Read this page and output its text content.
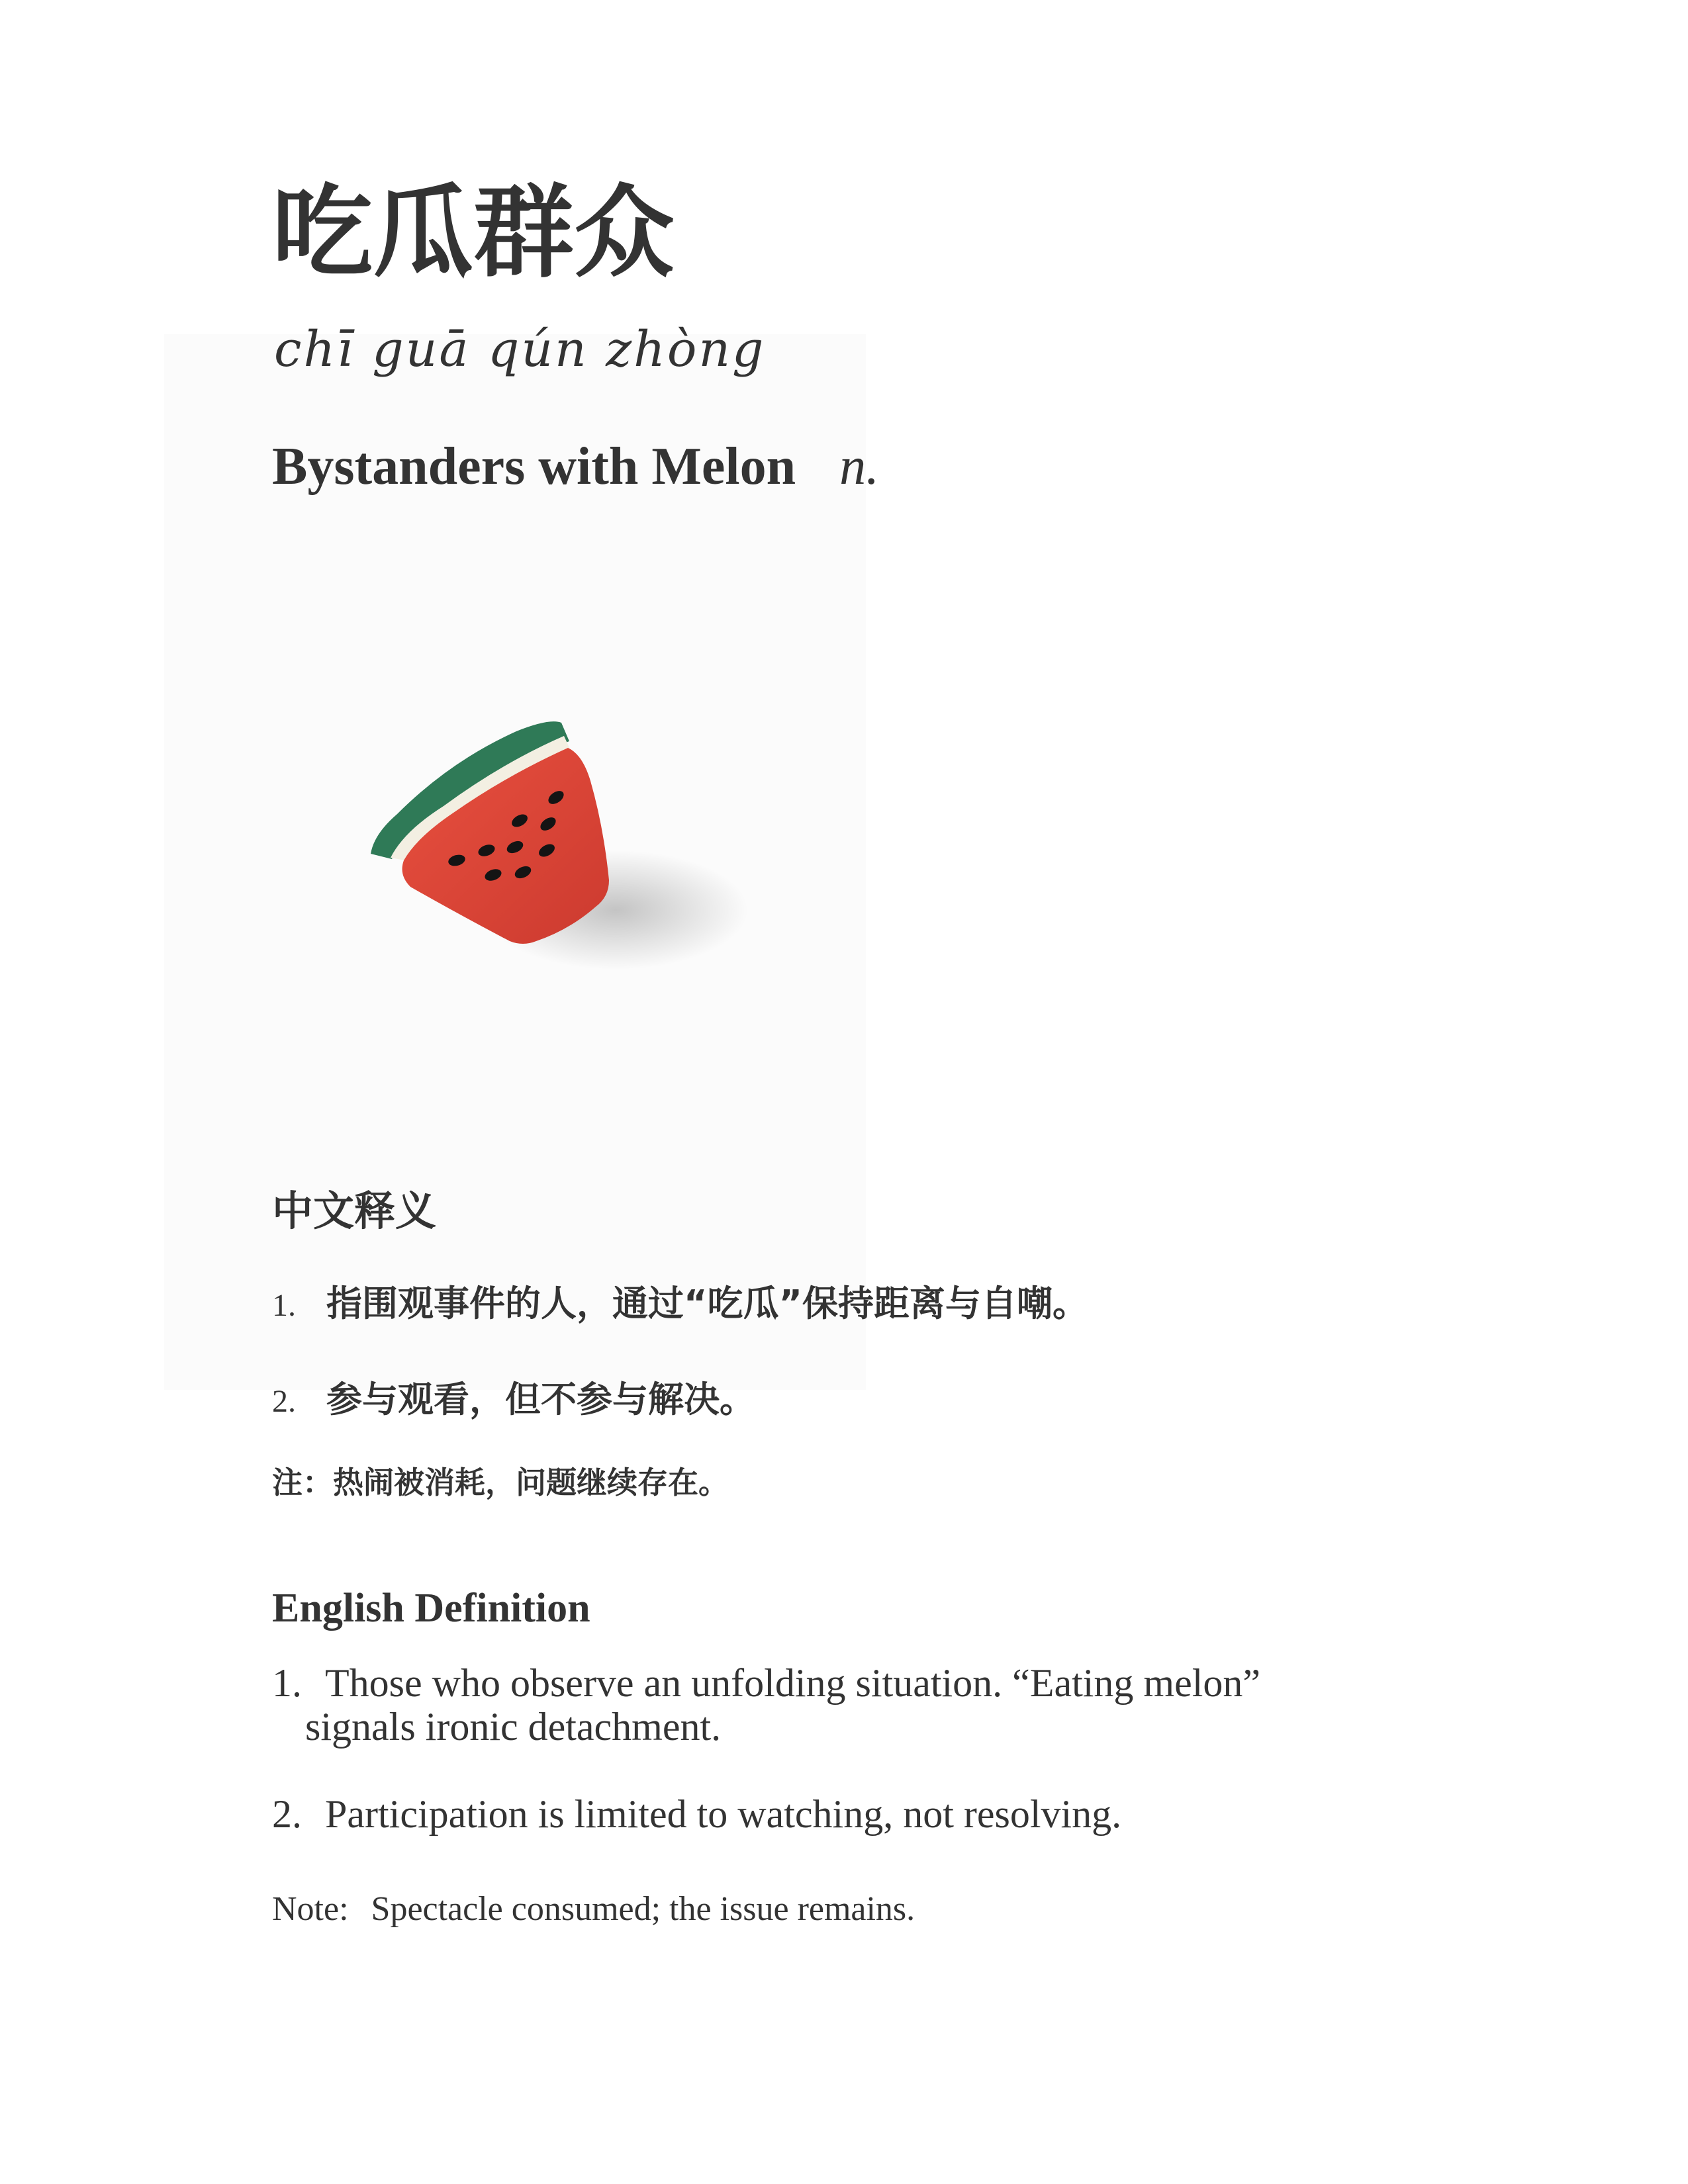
吃瓜群众
chī guā qún zhòng
Bystanders with Melon n.
中文释义
1. 指围观事件的人，通过“吃瓜”保持距离与自嘲。
2. 参与观看，但不参与解决。
注：热闹被消耗，问题继续存在。
English Definition
1. Those who observe an unfolding situation. “Eating melon”
signals ironic detachment.
2. Participation is limited to watching, not resolving.
Note: Spectacle consumed; the issue remains.
